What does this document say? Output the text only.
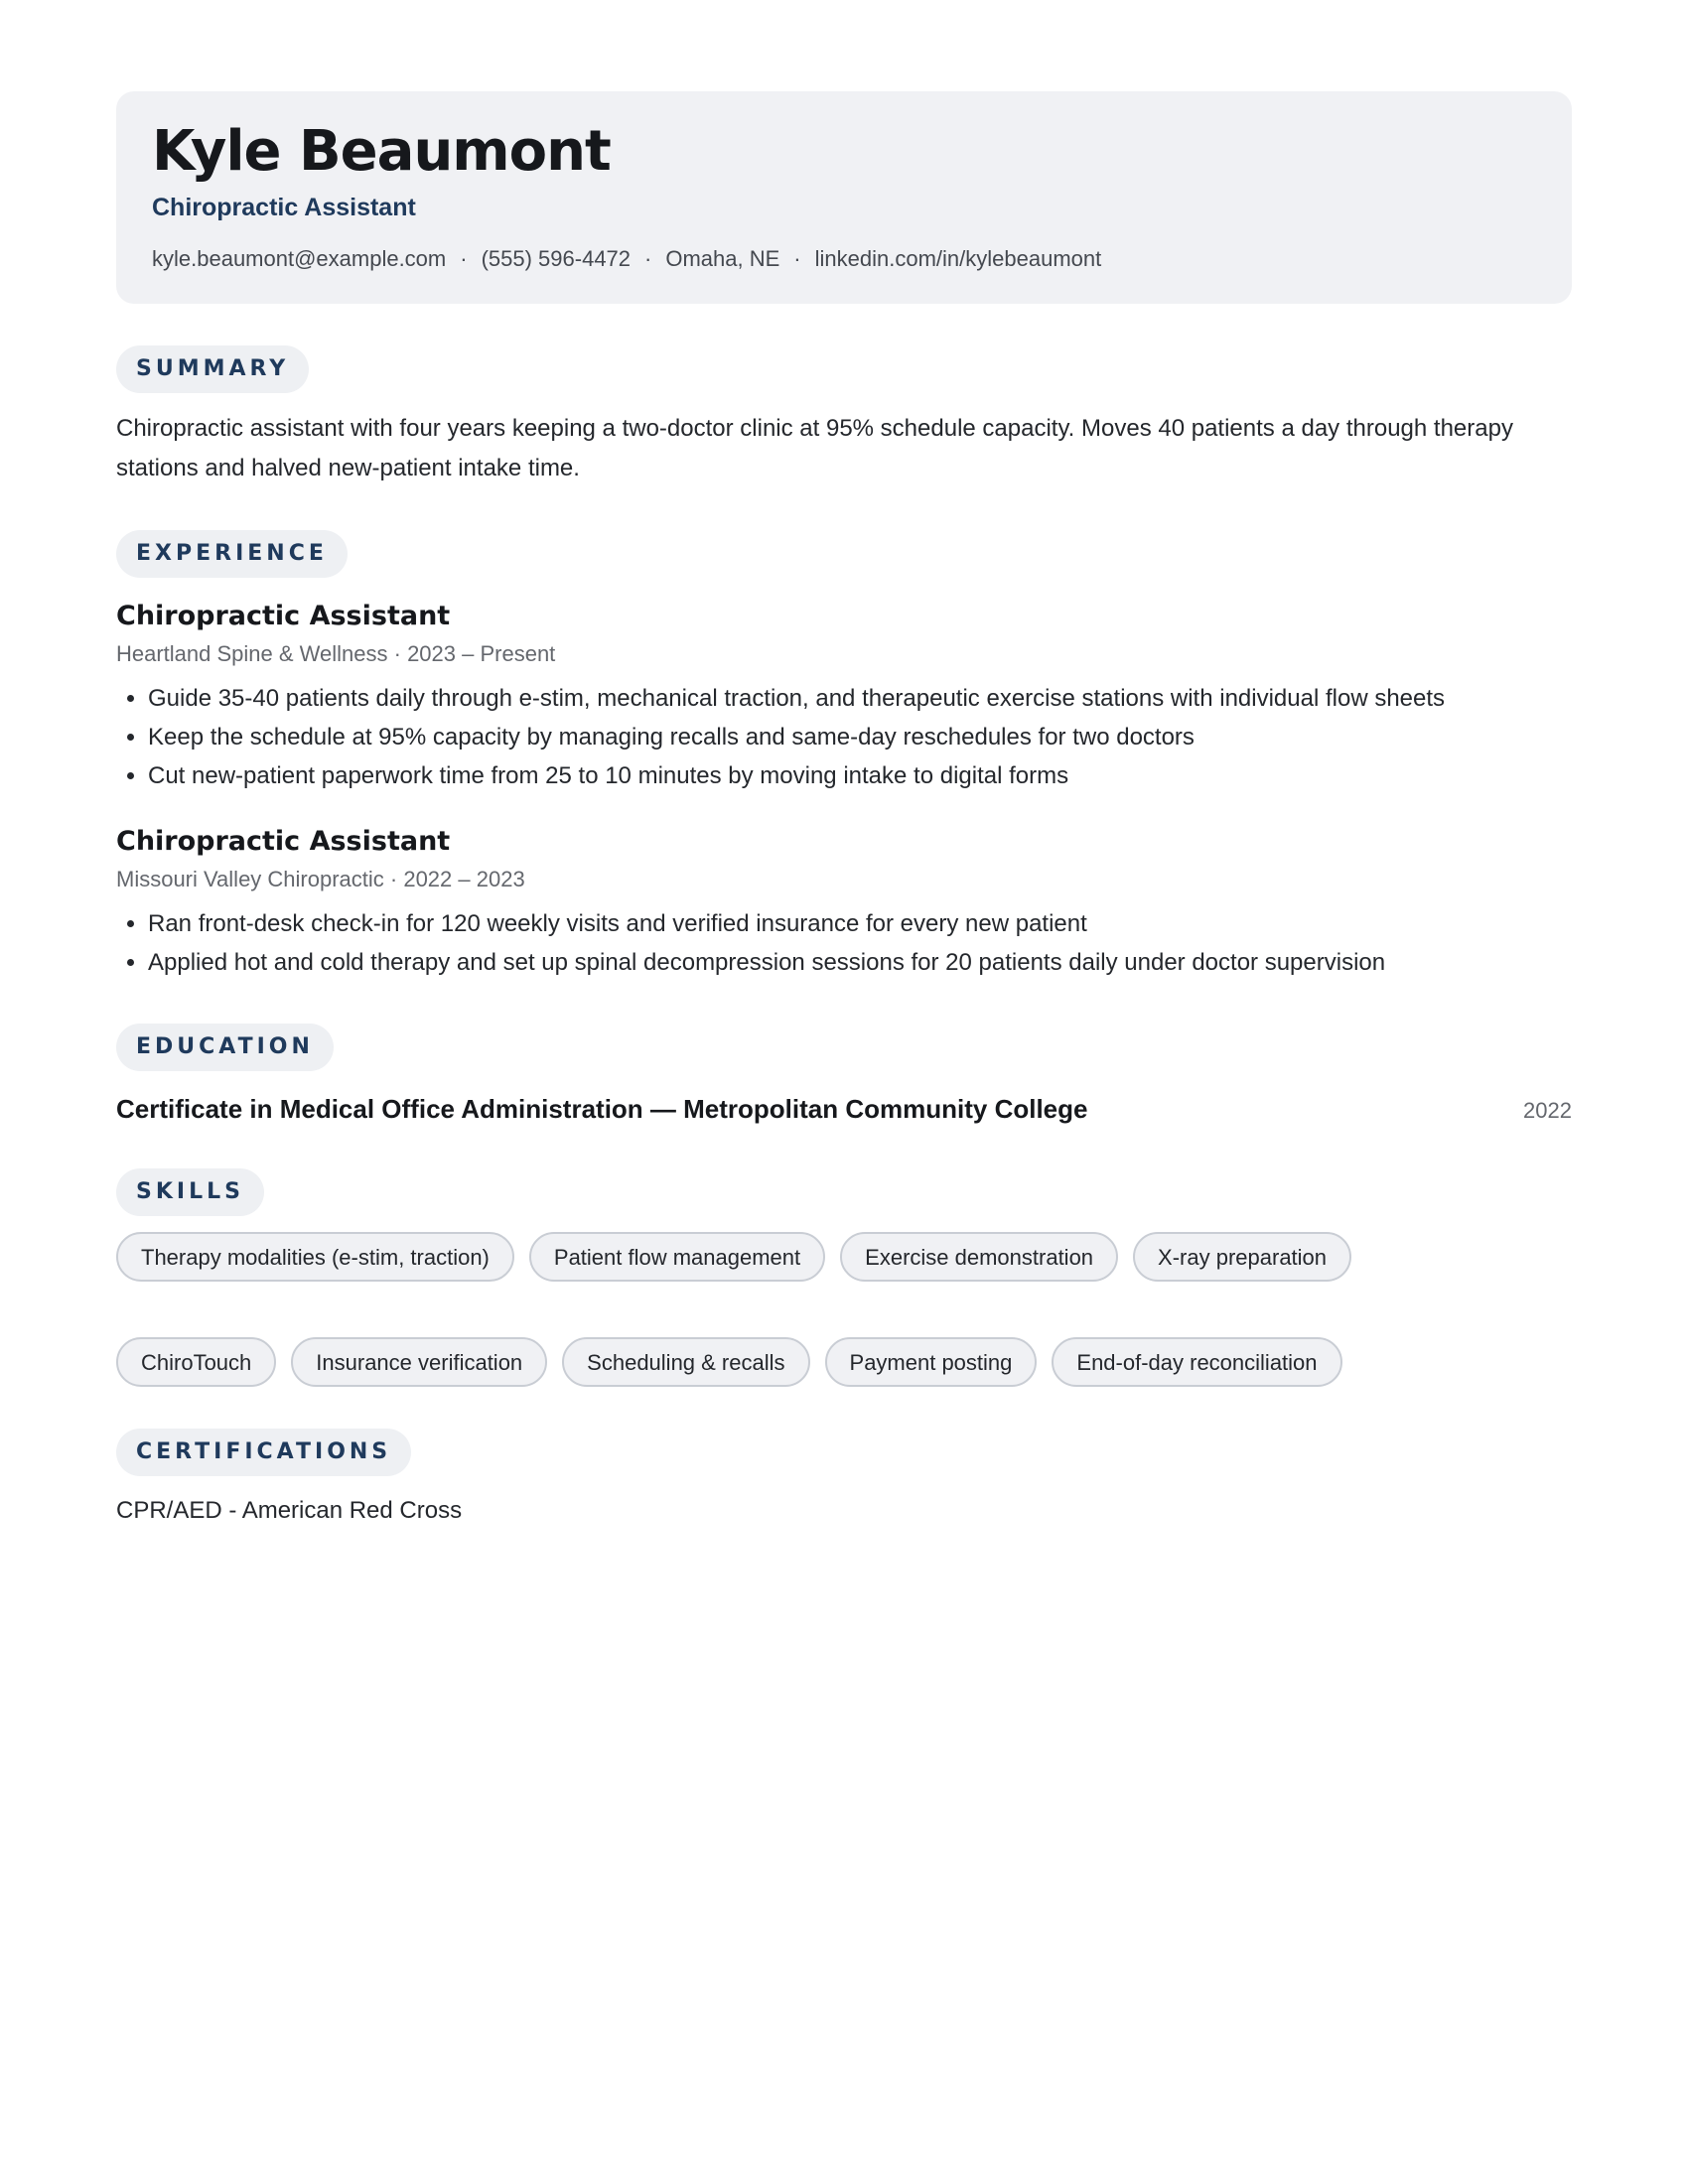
Kyle Beaumont
Chiropractic Assistant
kyle.beaumont@example.com · (555) 596-4472 · Omaha, NE · linkedin.com/in/kylebeaumont
SUMMARY
Chiropractic assistant with four years keeping a two-doctor clinic at 95% schedule capacity. Moves 40 patients a day through therapy stations and halved new-patient intake time.
EXPERIENCE
Chiropractic Assistant
Heartland Spine & Wellness · 2023 – Present
• Guide 35-40 patients daily through e-stim, mechanical traction, and therapeutic exercise stations with individual flow sheets
• Keep the schedule at 95% capacity by managing recalls and same-day reschedules for two doctors
• Cut new-patient paperwork time from 25 to 10 minutes by moving intake to digital forms
Chiropractic Assistant
Missouri Valley Chiropractic · 2022 – 2023
• Ran front-desk check-in for 120 weekly visits and verified insurance for every new patient
• Applied hot and cold therapy and set up spinal decompression sessions for 20 patients daily under doctor supervision
EDUCATION
Certificate in Medical Office Administration — Metropolitan Community College	2022
SKILLS
Therapy modalities (e-stim, traction)	Patient flow management	Exercise demonstration	X-ray preparation
ChiroTouch	Insurance verification	Scheduling & recalls	Payment posting	End-of-day reconciliation
CERTIFICATIONS
CPR/AED - American Red Cross
